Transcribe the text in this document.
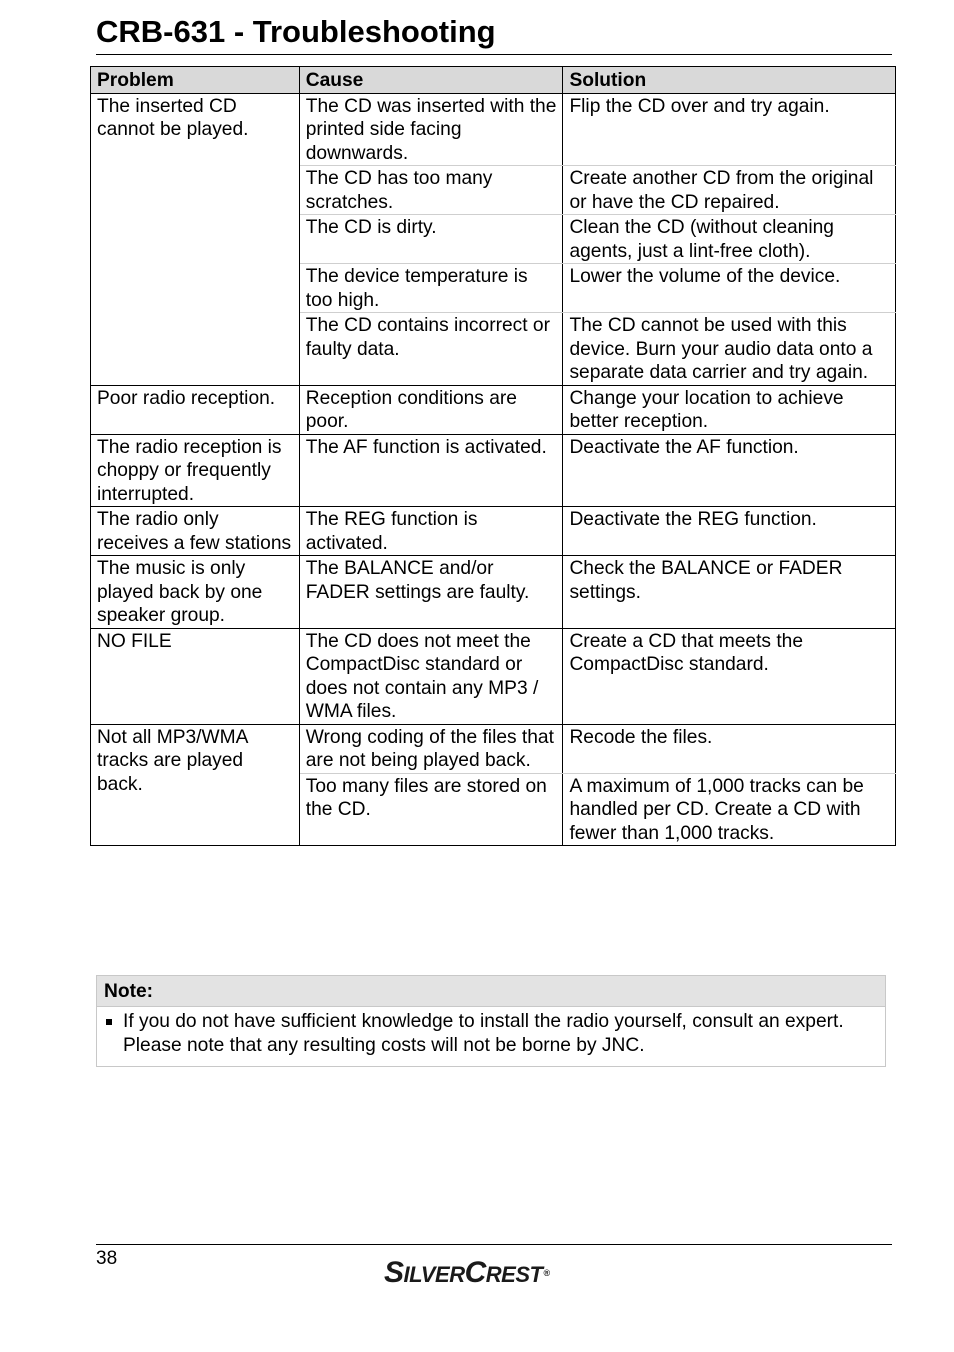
CRB-631 - Troubleshooting
Problem	Cause	Solution
The inserted CD cannot be played.	The CD was inserted with the printed side facing downwards.	Flip the CD over and try again.
	The CD has too many scratches.	Create another CD from the original or have the CD repaired.
	The CD is dirty.	Clean the CD (without cleaning agents, just a lint-free cloth).
	The device temperature is too high.	Lower the volume of the device.
	The CD contains incorrect or faulty data.	The CD cannot be used with this device. Burn your audio data onto a separate data carrier and try again.
Poor radio reception.	Reception conditions are poor.	Change your location to achieve better reception.
The radio reception is choppy or frequently interrupted.	The AF function is activated.	Deactivate the AF function.
The radio only receives a few stations	The REG function is activated.	Deactivate the REG function.
The music is only played back by one speaker group.	The BALANCE and/or FADER settings are faulty.	Check the BALANCE or FADER settings.
NO FILE	The CD does not meet the CompactDisc standard or does not contain any MP3 / WMA files.	Create a CD that meets the CompactDisc standard.
Not all MP3/WMA tracks are played back.	Wrong coding of the files that are not being played back.	Recode the files.
	Too many files are stored on the CD.	A maximum of 1,000 tracks can be handled per CD. Create a CD with fewer than 1,000 tracks.
Note:
If you do not have sufficient knowledge to install the radio yourself, consult an expert. Please note that any resulting costs will not be borne by JNC.
38	SILVERCREST®
